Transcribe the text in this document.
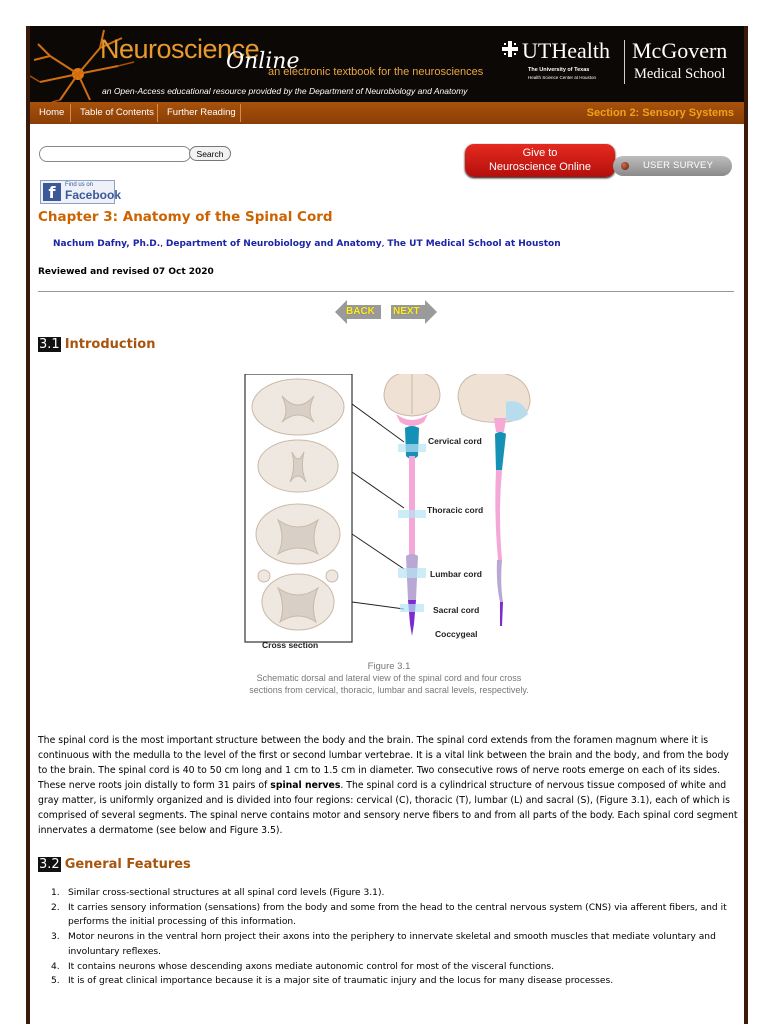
Neuroscience
Online
an electronic textbook for the neurosciences
an Open-Access educational resource provided by the Department of Neurobiology and Anatomy
UTHealth
The University of Texas
Health Science Center at Houston
McGovern
Medical School
Home Table of Contents Further Reading	Section 2: Sensory Systems
Search	Give to
Neuroscience Online	USER SURVEY
f	Find us on
Facebook
Chapter 3: Anatomy of the Spinal Cord
Nachum Dafny, Ph.D., Department of Neurobiology and Anatomy, The UT Medical School at Houston
Reviewed and revised 07 Oct 2020
BACK NEXT
3.1 Introduction
Cervical cord
Thoracic cord
Lumbar cord
Sacral cord
Coccygeal
Cross section
Figure 3.1
Schematic dorsal and lateral view of the spinal cord and four cross sections from cervical, thoracic, lumbar and sacral levels, respectively.
The spinal cord is the most important structure between the body and the brain. The spinal cord extends from the foramen magnum where it is continuous with the medulla to the level of the first or second lumbar vertebrae. It is a vital link between the brain and the body, and from the body to the brain. The spinal cord is 40 to 50 cm long and 1 cm to 1.5 cm in diameter. Two consecutive rows of nerve roots emerge on each of its sides. These nerve roots join distally to form 31 pairs of spinal nerves. The spinal cord is a cylindrical structure of nervous tissue composed of white and gray matter, is uniformly organized and is divided into four regions: cervical (C), thoracic (T), lumbar (L) and sacral (S), (Figure 3.1), each of which is comprised of several segments. The spinal nerve contains motor and sensory nerve fibers to and from all parts of the body. Each spinal cord segment innervates a dermatome (see below and Figure 3.5).
3.2 General Features
1. Similar cross-sectional structures at all spinal cord levels (Figure 3.1).
2. It carries sensory information (sensations) from the body and some from the head to the central nervous system (CNS) via afferent fibers, and it performs the initial processing of this information.
3. Motor neurons in the ventral horn project their axons into the periphery to innervate skeletal and smooth muscles that mediate voluntary and involuntary reflexes.
4. It contains neurons whose descending axons mediate autonomic control for most of the visceral functions.
5. It is of great clinical importance because it is a major site of traumatic injury and the locus for many disease processes.
